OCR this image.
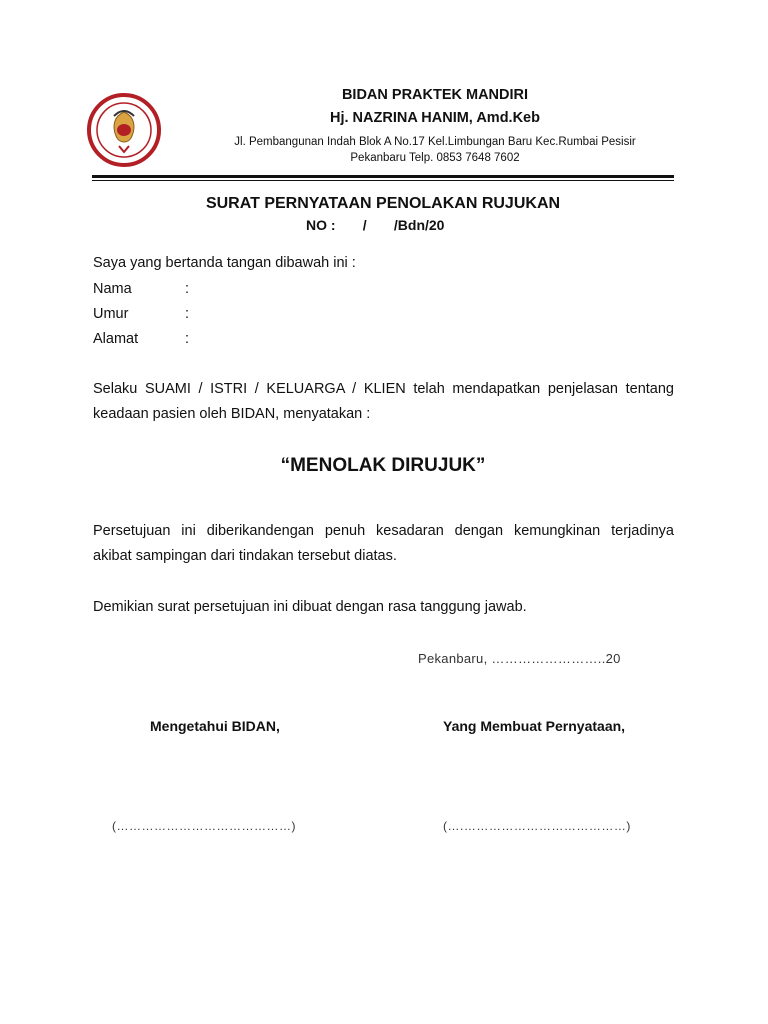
BIDAN PRAKTEK MANDIRI
Hj. NAZRINA HANIM, Amd.Keb
Jl. Pembangunan Indah Blok A No.17 Kel.Limbungan Baru Kec.Rumbai Pesisir
Pekanbaru Telp. 0853 7648 7602
SURAT PERNYATAAN PENOLAKAN RUJUKAN
NO :       /       /Bdn/20
Saya yang bertanda tangan dibawah ini :
Nama	:
Umur	:
Alamat	:
Selaku SUAMI / ISTRI / KELUARGA / KLIEN telah mendapatkan penjelasan tentang
keadaan pasien oleh BIDAN, menyatakan :
“MENOLAK DIRUJUK”
Persetujuan ini diberikandengan penuh kesadaran dengan kemungkinan terjadinya
akibat sampingan dari tindakan tersebut diatas.
Demikian surat persetujuan ini dibuat dengan rasa tanggung jawab.
Pekanbaru, ……………………..20
Mengetahui BIDAN,	Yang Membuat Pernyataan,
(……………………………………)	(….…………………………………)
